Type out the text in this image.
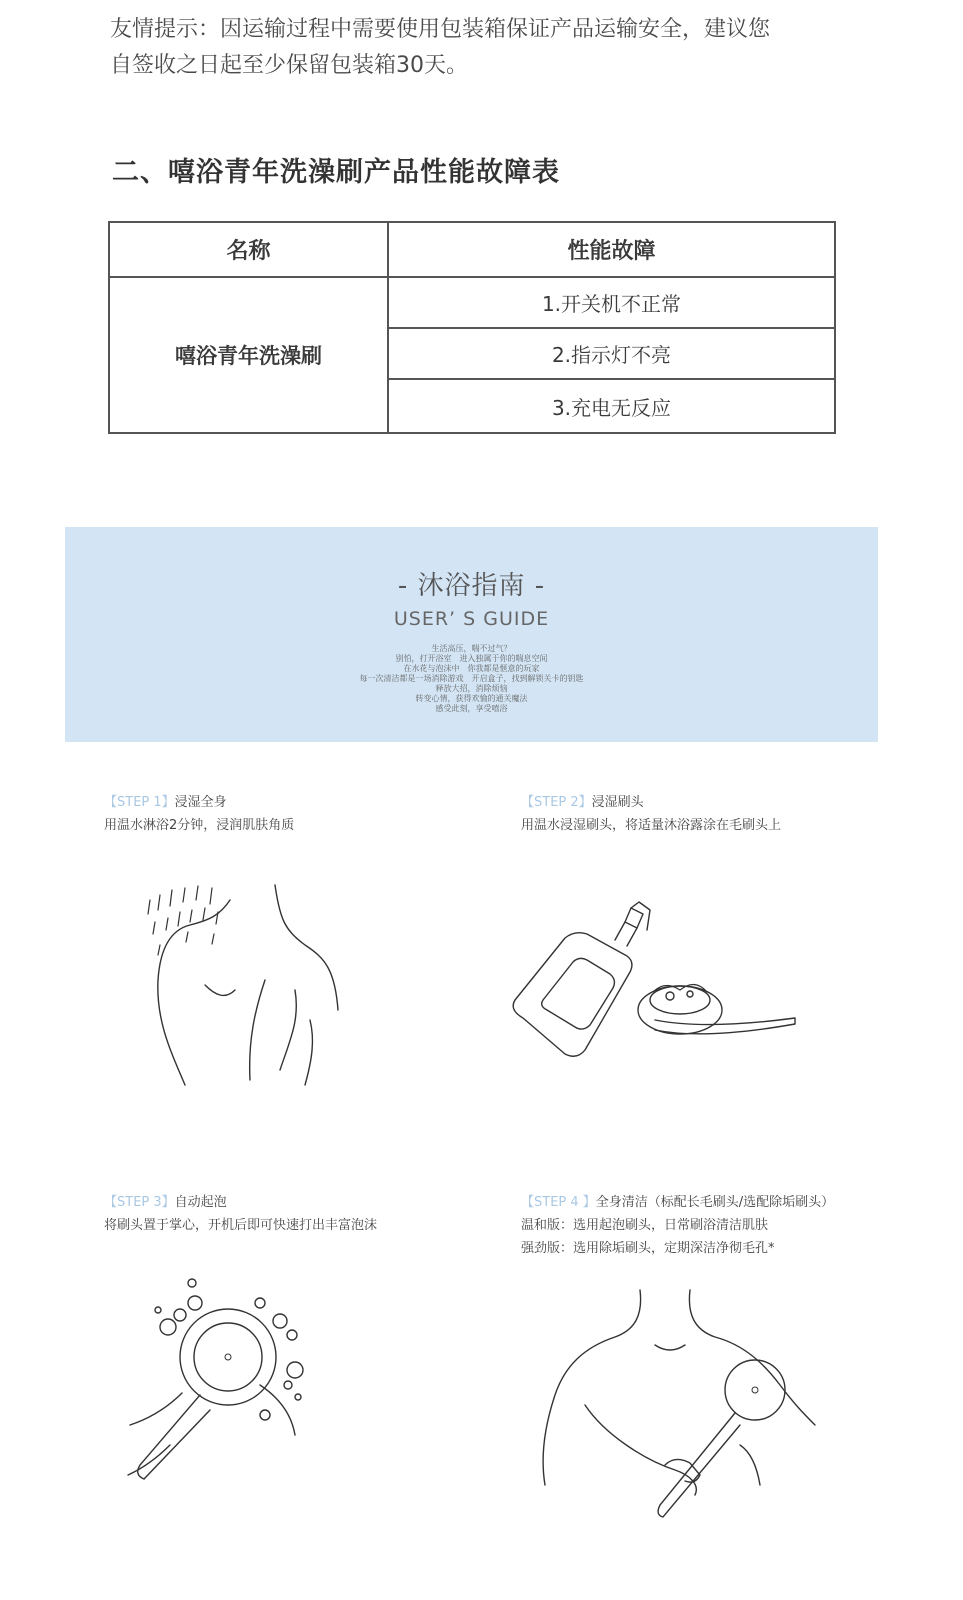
友情提示：因运输过程中需要使用包装箱保证产品运输安全，建议您
自签收之日起至少保留包装箱30天。
二、嘻浴青年洗澡刷产品性能故障表
名称	性能故障
嘻浴青年洗澡刷	1.开关机不正常
	2.指示灯不亮
	3.充电无反应
- 沐浴指南 -
USER’ S GUIDE
生活高压，喘不过气？
别怕，打开浴室　进入独属于你的喘息空间
在水花与泡沫中　你我都是惬意的玩家
每一次清洁都是一场消除游戏　开启盒子，找到解锁关卡的钥匙
释放大招，消除烦恼
转变心情，获得欢愉的通关魔法
感受此刻，享受嘻浴
【STEP 1】浸湿全身
用温水淋浴2分钟，浸润肌肤角质
【STEP 2】浸湿刷头
用温水浸湿刷头，将适量沐浴露涂在毛刷头上
【STEP 3】自动起泡
将刷头置于掌心，开机后即可快速打出丰富泡沫
【STEP 4 】全身清洁（标配长毛刷头/选配除垢刷头）
温和版：选用起泡刷头，日常刷浴清洁肌肤
强劲版：选用除垢刷头，定期深洁净彻毛孔*
